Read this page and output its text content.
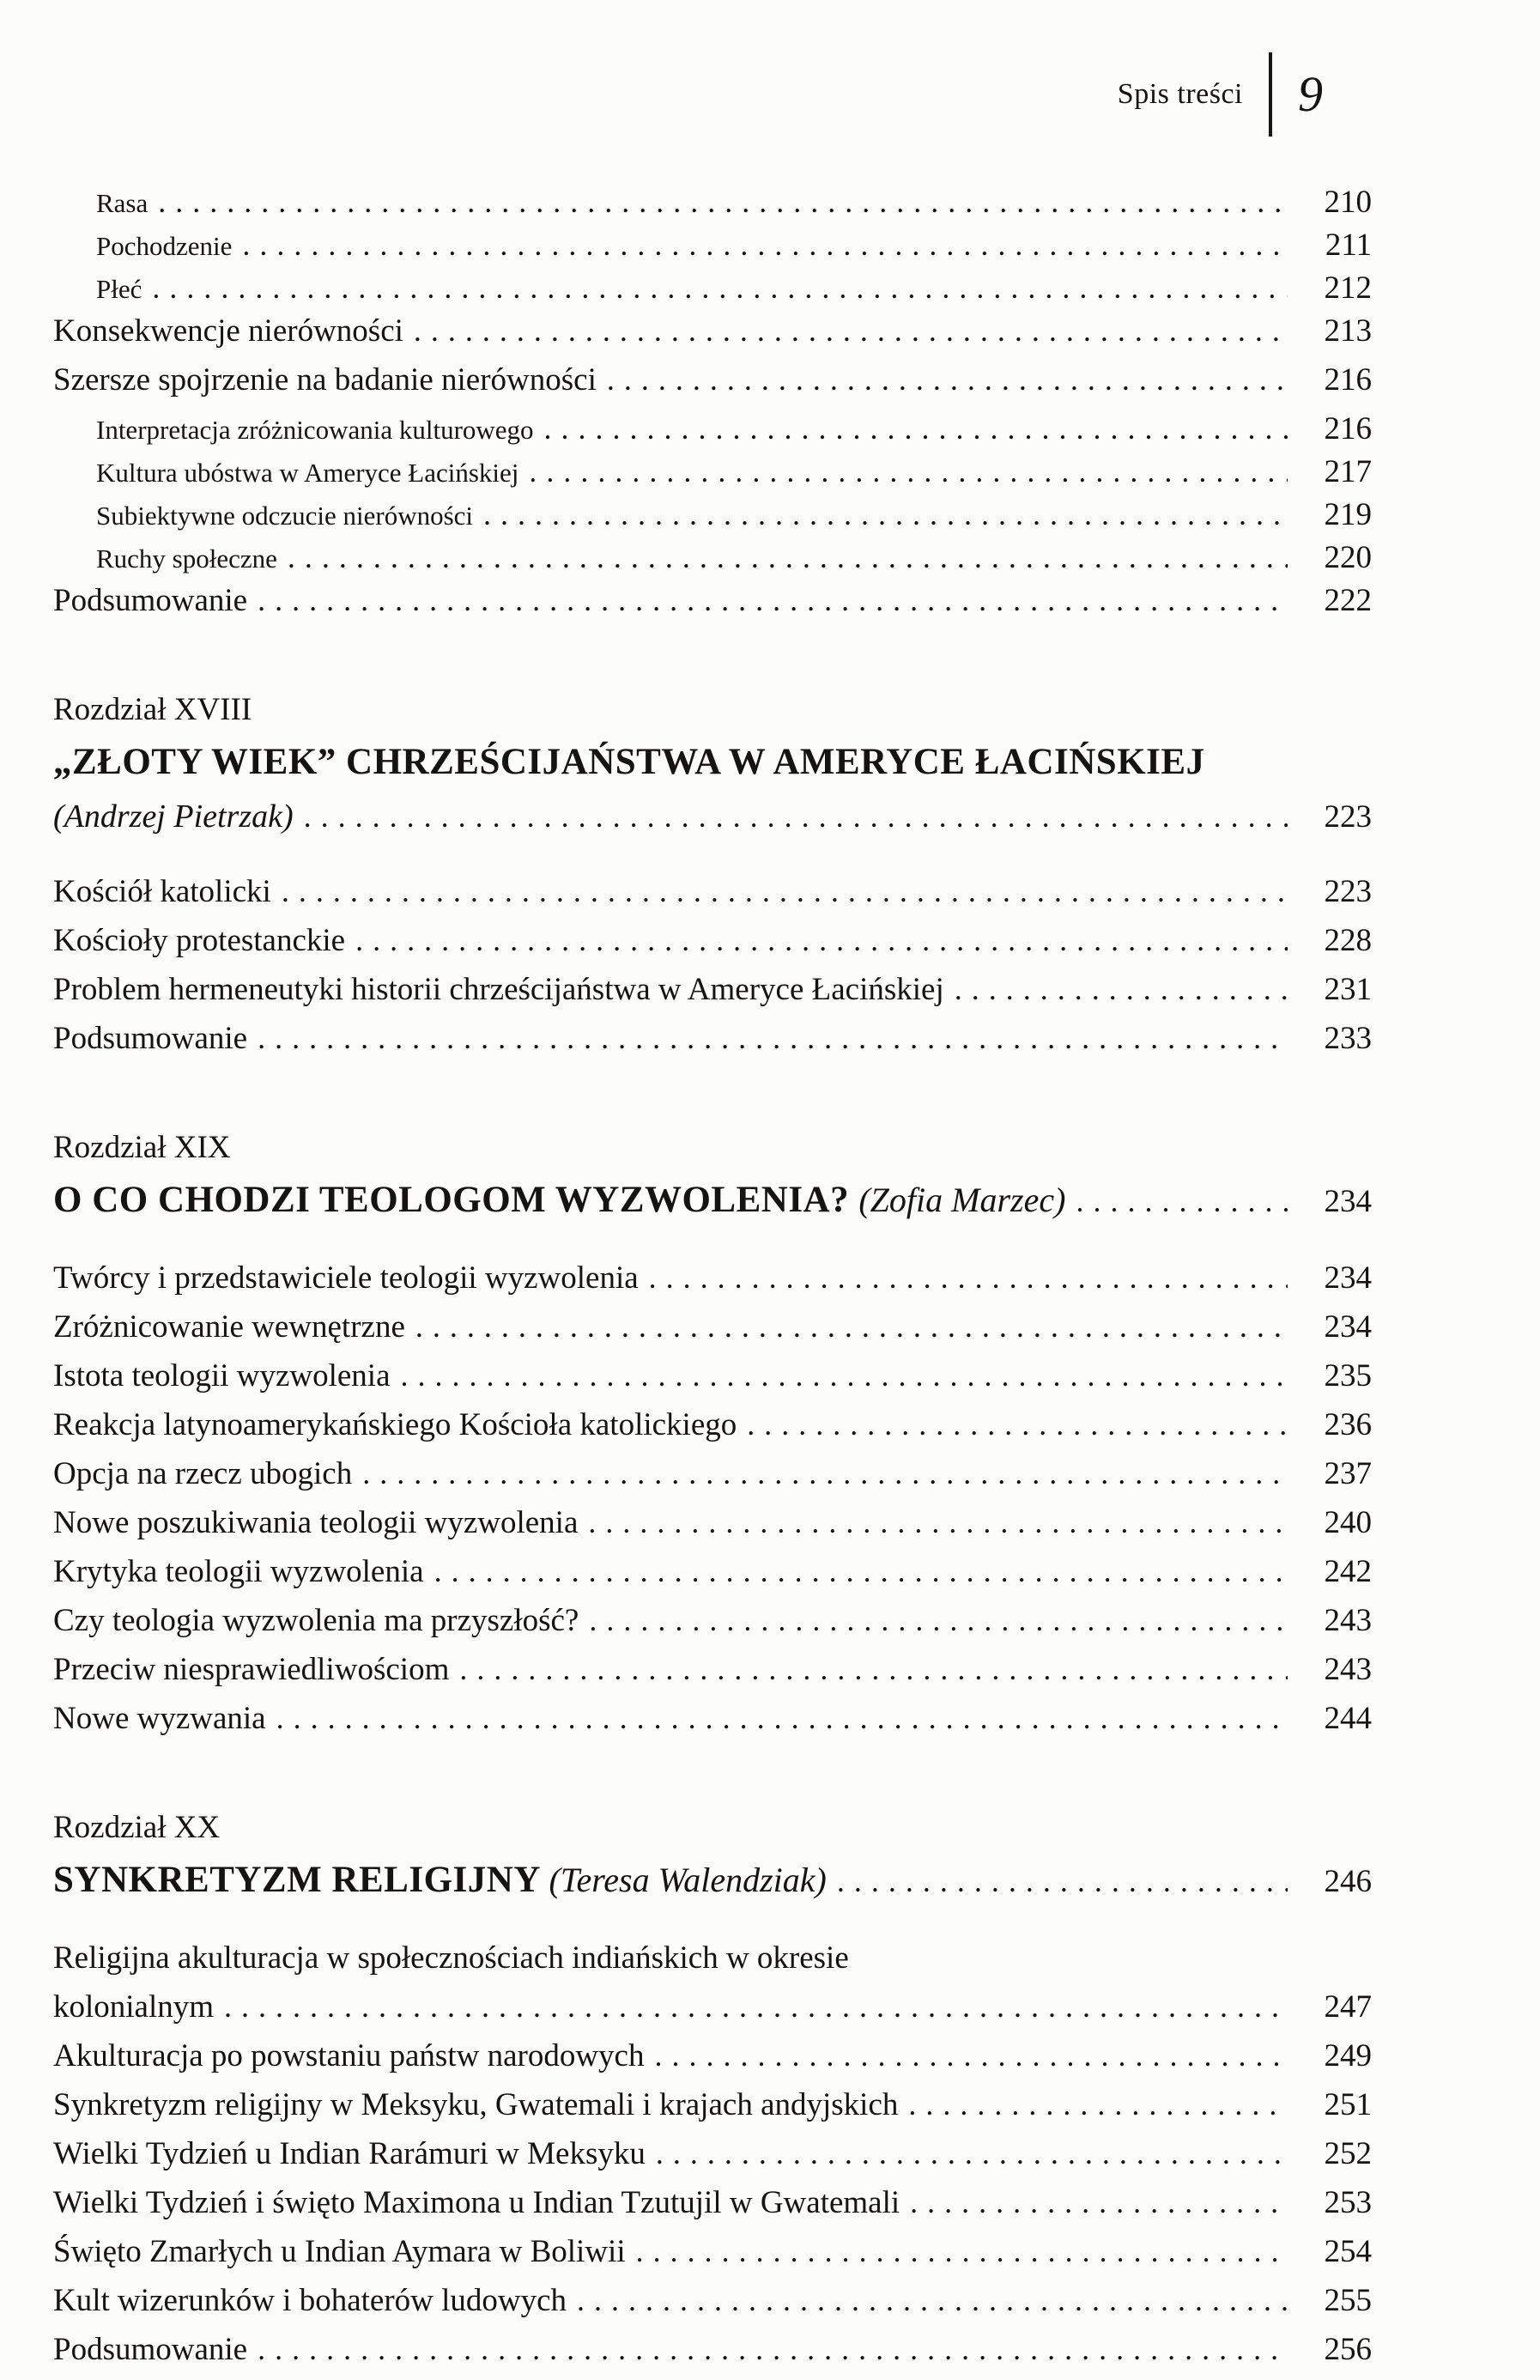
Spis treści 9
Rasa .....	210
Pochodzenie .....	211
Płeć .....	212
Konsekwencje nierówności .....	213
Szersze spojrzenie na badanie nierówności .....	216
Interpretacja zróżnicowania kulturowego .....	216
Kultura ubóstwa w Ameryce Łacińskiej .....	217
Subiektywne odczucie nierówności .....	219
Ruchy społeczne .....	220
Podsumowanie .....	222
Rozdział XVIII
„ZŁOTY WIEK” CHRZEŚCIJAŃSTWA W AMERYCE ŁACIŃSKIEJ
(Andrzej Pietrzak) .....	223
Kościół katolicki .....	223
Kościoły protestanckie .....	228
Problem hermeneutyki historii chrześcijaństwa w Ameryce Łacińskiej .....	231
Podsumowanie .....	233
Rozdział XIX
O CO CHODZI TEOLOGOM WYZWOLENIA? (Zofia Marzec) .....	234
Twórcy i przedstawiciele teologii wyzwolenia .....	234
Zróżnicowanie wewnętrzne .....	234
Istota teologii wyzwolenia .....	235
Reakcja latynoamerykańskiego Kościoła katolickiego .....	236
Opcja na rzecz ubogich .....	237
Nowe poszukiwania teologii wyzwolenia .....	240
Krytyka teologii wyzwolenia .....	242
Czy teologia wyzwolenia ma przyszłość? .....	243
Przeciw niesprawiedliwościom .....	243
Nowe wyzwania .....	244
Rozdział XX
SYNKRETYZM RELIGIJNY (Teresa Walendziak) .....	246
Religijna akulturacja w społecznościach indiańskich w okresie
kolonialnym .....	247
Akulturacja po powstaniu państw narodowych .....	249
Synkretyzm religijny w Meksyku, Gwatemali i krajach andyjskich .....	251
Wielki Tydzień u Indian Rarámuri w Meksyku .....	252
Wielki Tydzień i święto Maximona u Indian Tzutujil w Gwatemali .....	253
Święto Zmarłych u Indian Aymara w Boliwii .....	254
Kult wizerunków i bohaterów ludowych .....	255
Podsumowanie .....	256
